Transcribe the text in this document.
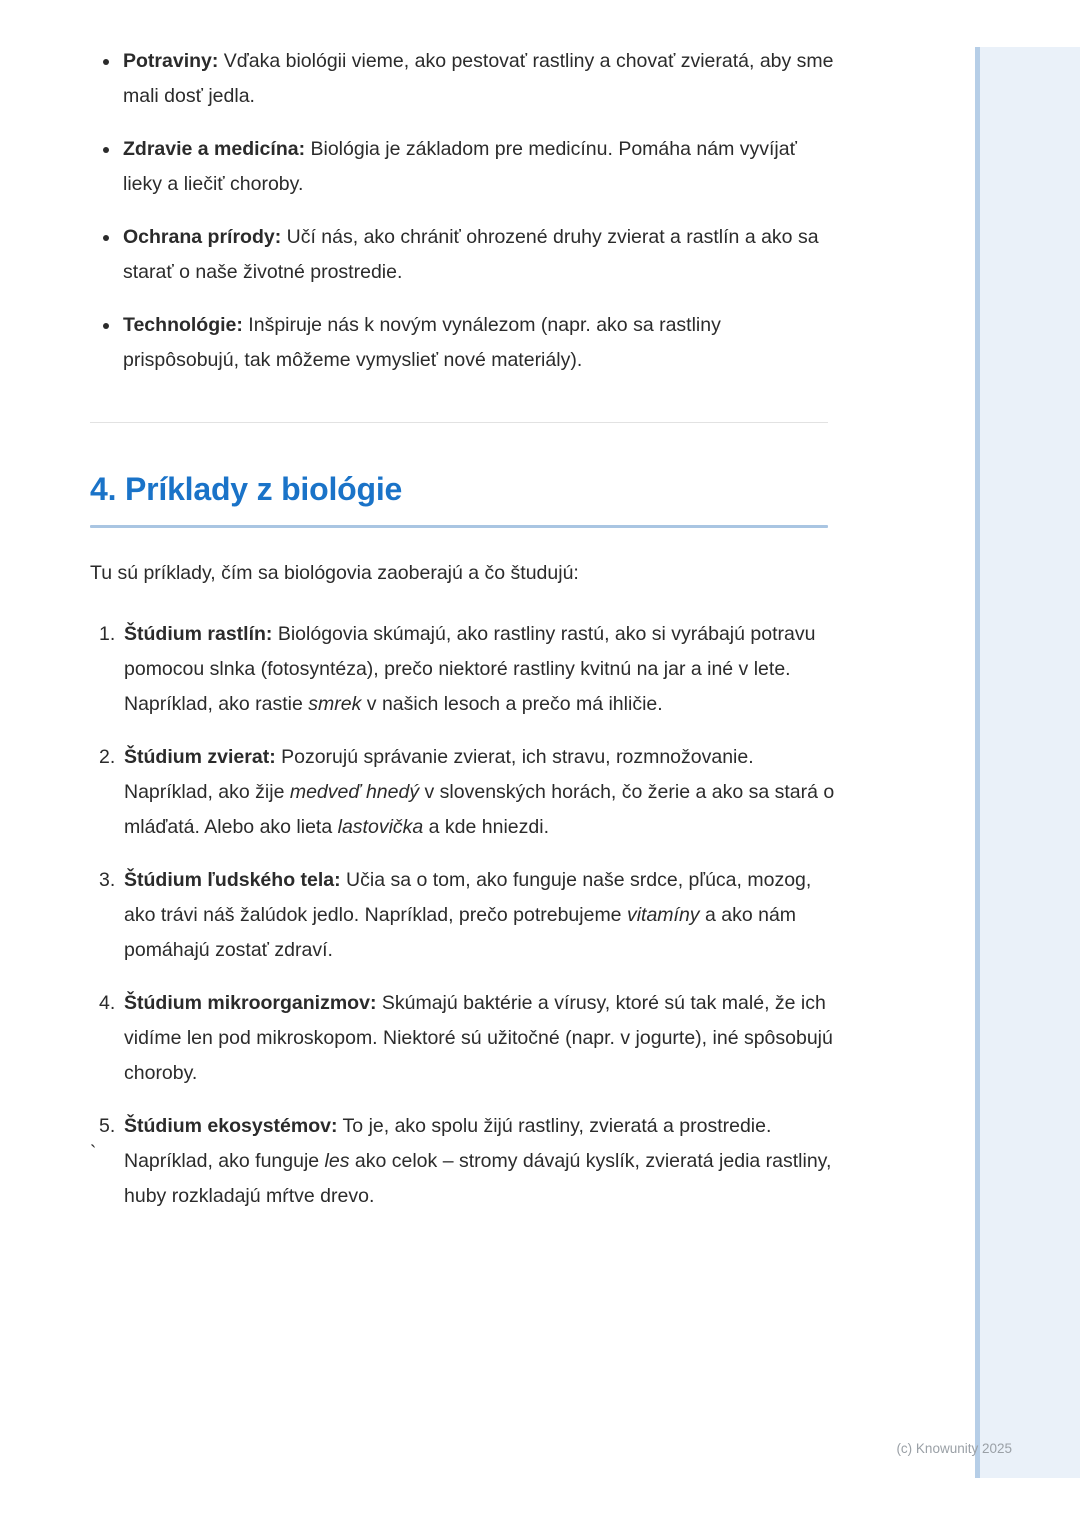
Potraviny: Vďaka biológii vieme, ako pestovať rastliny a chovať zvieratá, aby sme mali dosť jedla.
Zdravie a medicína: Biológia je základom pre medicínu. Pomáha nám vyvíjať lieky a liečiť choroby.
Ochrana prírody: Učí nás, ako chrániť ohrozené druhy zvierat a rastlín a ako sa starať o naše životné prostredie.
Technológie: Inšpiruje nás k novým vynálezom (napr. ako sa rastliny prispôsobujú, tak môžeme vymyslieť nové materiály).
4. Príklady z biológie

Tu sú príklady, čím sa biológovia zaoberajú a čo študujú:

Štúdium rastlín: Biológovia skúmajú, ako rastliny rastú, ako si vyrábajú potravu pomocou slnka (fotosyntéza), prečo niektoré rastliny kvitnú na jar a iné v lete. Napríklad, ako rastie smrek v našich lesoch a prečo má ihličie.
Štúdium zvierat: Pozorujú správanie zvierat, ich stravu, rozmnožovanie. Napríklad, ako žije medveď hnedý v slovenských horách, čo žerie a ako sa stará o mláďatá. Alebo ako lieta lastovička a kde hniezdi.
Štúdium ľudského tela: Učia sa o tom, ako funguje naše srdce, pľúca, mozog, ako trávi náš žalúdok jedlo. Napríklad, prečo potrebujeme vitamíny a ako nám pomáhajú zostať zdraví.
Štúdium mikroorganizmov: Skúmajú baktérie a vírusy, ktoré sú tak malé, že ich vidíme len pod mikroskopom. Niektoré sú užitočné (napr. v jogurte), iné spôsobujú choroby.
Štúdium ekosystémov: To je, ako spolu žijú rastliny, zvieratá a prostredie. Napríklad, ako funguje les ako celok – stromy dávajú kyslík, zvieratá jedia rastliny, huby rozkladajú mŕtve drevo.
`
(c) Knowunity 2025
